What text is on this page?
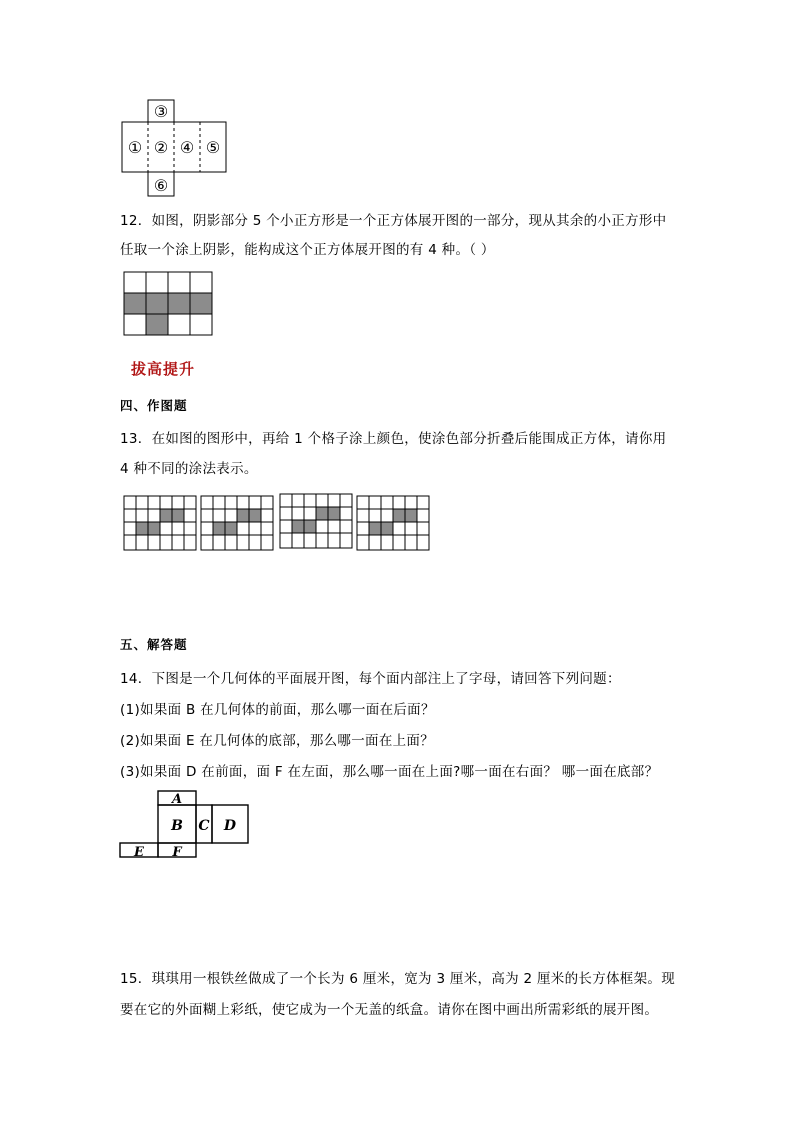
① ②
③
④ ⑤
⑥
12．如图，阴影部分 5 个小正方形是一个正方体展开图的一部分，现从其余的小正方形中
任取一个涂上阴影，能构成这个正方体展开图的有 4 种。（ ）
拔高提升
四、作图题
13．在如图的图形中，再给 1 个格子涂上颜色，使涂色部分折叠后能围成正方体，请你用
4 种不同的涂法表示。
五、解答题
14．下图是一个几何体的平面展开图，每个面内部注上了字母，请回答下列问题：
(1)如果面 B 在几何体的前面，那么哪一面在后面？
(2)如果面 E 在几何体的底部，那么哪一面在上面？
(3)如果面 D 在前面，面 F 在左面，那么哪一面在上面?哪一面在右面？ 哪一面在底部？
A
B C D
E F
15．琪琪用一根铁丝做成了一个长为 6 厘米，宽为 3 厘米，高为 2 厘米的长方体框架。现
要在它的外面糊上彩纸，使它成为一个无盖的纸盒。请你在图中画出所需彩纸的展开图。
